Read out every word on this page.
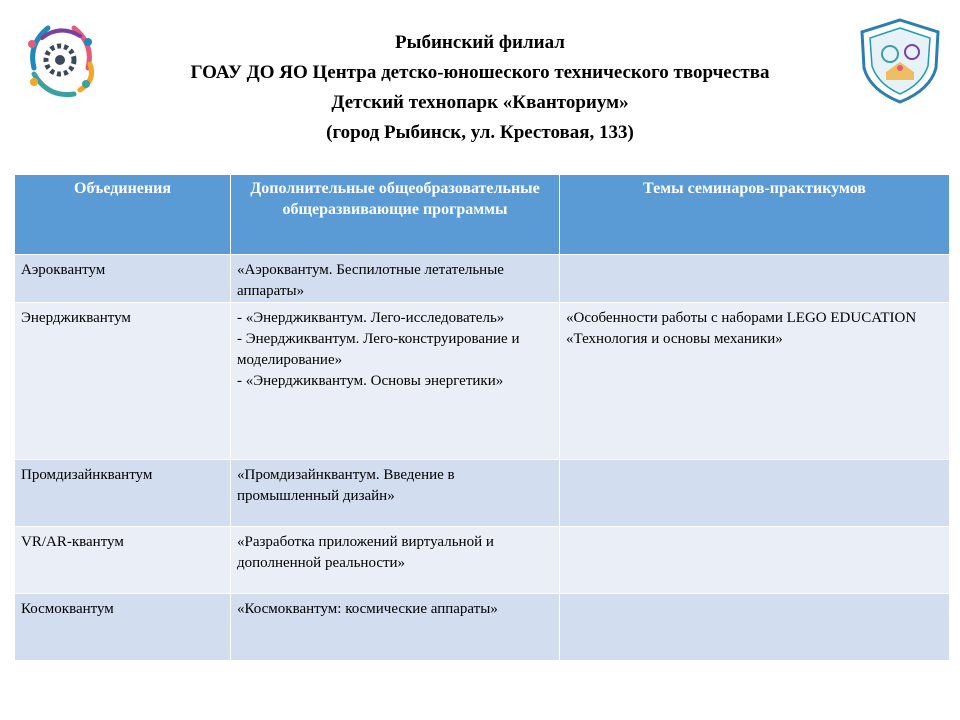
Рыбинский филиал
ГОАУ ДО ЯО Центра детско-юношеского технического творчества
Детский технопарк «Кванториум»
(город Рыбинск, ул. Крестовая, 133)
Объединения	Дополнительные общеобразовательные общеразвивающие программы	Темы семинаров-практикумов
Аэроквантум	«Аэроквантум. Беспилотные летательные аппараты»	

Энерджиквантум	- «Энерджиквантум. Лего-исследователь»
- Энерджиквантум. Лего-конструирование и моделирование»
- «Энерджиквантум. Основы энергетики»	«Особенности работы с наборами LEGO EDUCATION «Технология и основы механики»
Промдизайнквантум	«Промдизайнквантум. Введение в промышленный дизайн»	

VR/AR-квантум	«Разработка приложений виртуальной и дополненной реальности»	

Космоквантум	«Космоквантум: космические аппараты»	
